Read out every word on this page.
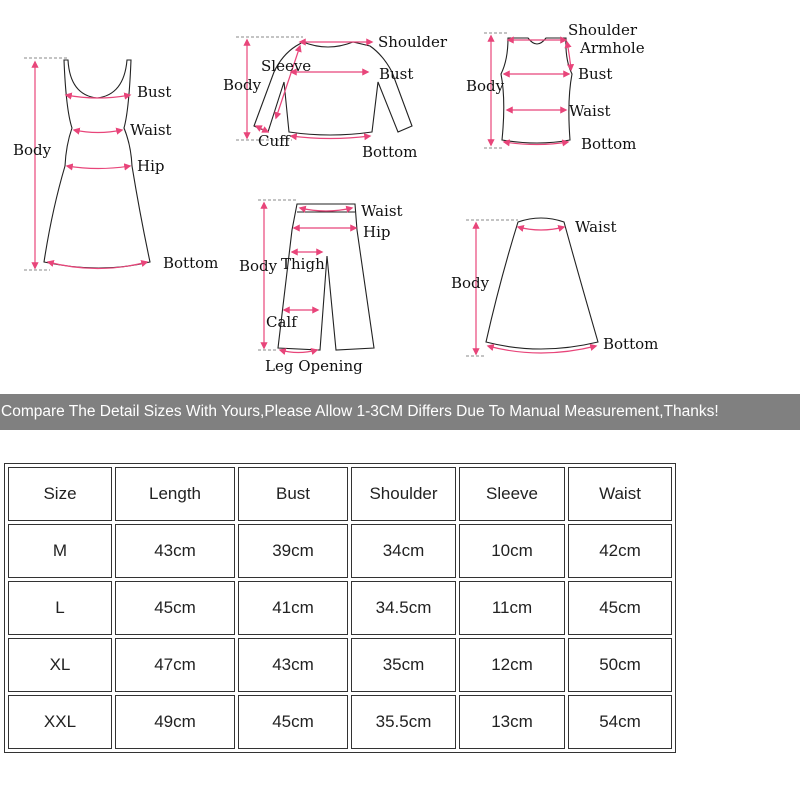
Bust
Waist
Hip
Body
Bottom
Shoulder
Sleeve
Body
Bust
Cuff
Bottom
Shoulder
Armhole
Bust
Body
Waist
Bottom
Waist
Hip
Body Thigh
Calf
Leg Opening
Waist
Body
Bottom
Compare The Detail Sizes With Yours,Please Allow 1-3CM Differs Due To Manual Measurement,Thanks!
Size	Length	Bust	Shoulder	Sleeve	Waist
M	43cm	39cm	34cm	10cm	42cm
L	45cm	41cm	34.5cm	11cm	45cm
XL	47cm	43cm	35cm	12cm	50cm
XXL	49cm	45cm	35.5cm	13cm	54cm
